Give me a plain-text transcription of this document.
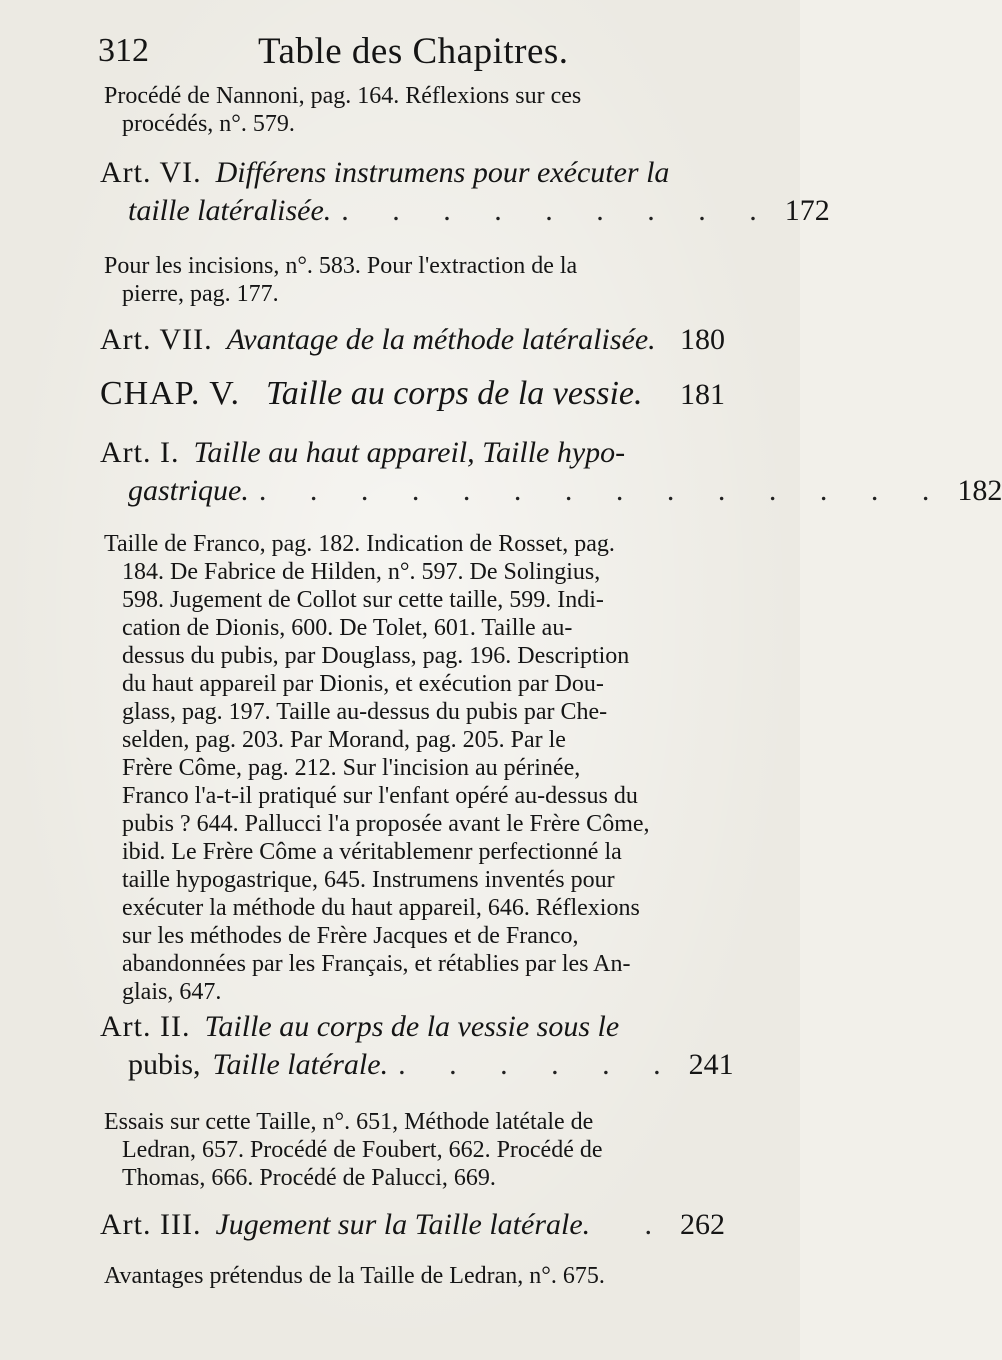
312	Table des Chapitres.
Procédé de Nannoni, pag. 164. Réflexions sur ces
procédés, n°. 579.
Art. VI. Différens instrumens pour exécuter la
taille latéralisée. . . . . . . . . . 172
Pour les incisions, n°. 583. Pour l'extraction de la
pierre, pag. 177.
Art. VII. Avantage de la méthode latéralisée. 180
CHAP. V. Taille au corps de la vessie. 181
Art. I. Taille au haut appareil, Taille hypo-
gastrique. . . . . . . . . . . . . . . 182
Taille de Franco, pag. 182. Indication de Rosset, pag.
184. De Fabrice de Hilden, n°. 597. De Solingius,
598. Jugement de Collot sur cette taille, 599. Indi-
cation de Dionis, 600. De Tolet, 601. Taille au-
dessus du pubis, par Douglass, pag. 196. Description
du haut appareil par Dionis, et exécution par Dou-
glass, pag. 197. Taille au-dessus du pubis par Che-
selden, pag. 203. Par Morand, pag. 205. Par le
Frère Côme, pag. 212. Sur l'incision au périnée,
Franco l'a-t-il pratiqué sur l'enfant opéré au-dessus du
pubis ? 644. Pallucci l'a proposée avant le Frère Côme,
ibid. Le Frère Côme a véritablemenr perfectionné la
taille hypogastrique, 645. Instrumens inventés pour
exécuter la méthode du haut appareil, 646. Réflexions
sur les méthodes de Frère Jacques et de Franco,
abandonnées par les Français, et rétablies par les An-
glais, 647.
Art. II. Taille au corps de la vessie sous le
pubis, Taille latérale. . . . . . . 241
Essais sur cette Taille, n°. 651, Méthode latétale de
Ledran, 657. Procédé de Foubert, 662. Procédé de
Thomas, 666. Procédé de Palucci, 669.
Art. III. Jugement sur la Taille latérale.	. 262
Avantages prétendus de la Taille de Ledran, n°. 675.
